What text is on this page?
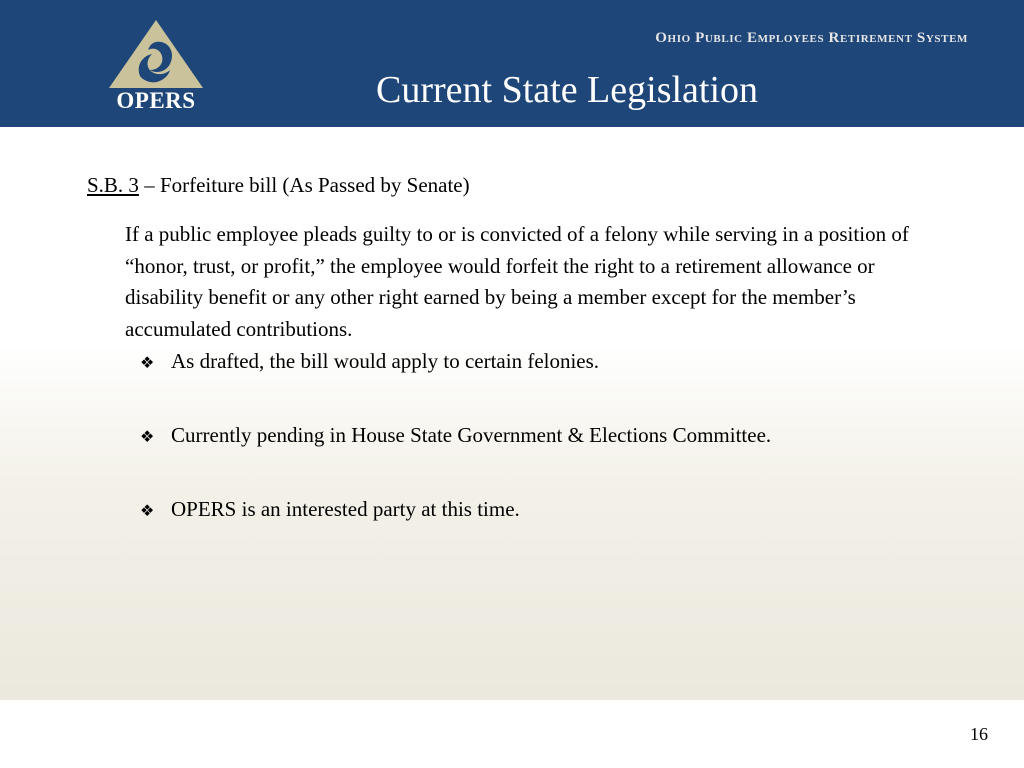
OPERS
Ohio Public Employees Retirement System
Current State Legislation
S.B. 3 – Forfeiture bill (As Passed by Senate)
If a public employee pleads guilty to or is convicted of a felony while serving in a position of “honor, trust, or profit,” the employee would forfeit the right to a retirement allowance or disability benefit or any other right earned by being a member except for the member’s accumulated contributions.
❖ As drafted, the bill would apply to certain felonies.
❖ Currently pending in House State Government & Elections Committee.
❖ OPERS is an interested party at this time.
16
